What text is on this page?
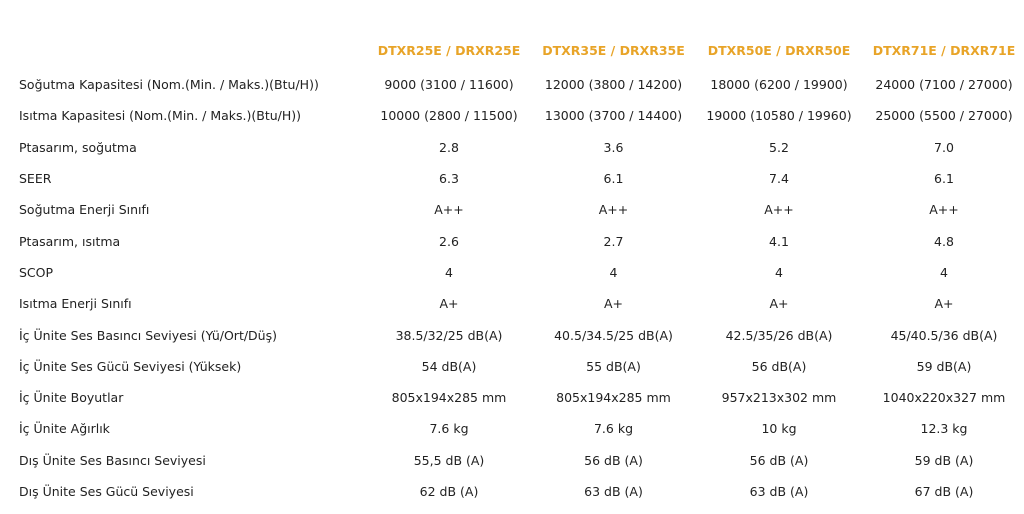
	DTXR25E / DRXR25E	DTXR35E / DRXR35E	DTXR50E / DRXR50E	DTXR71E / DRXR71E
Soğutma Kapasitesi (Nom.(Min. / Maks.)(Btu/H))	9000 (3100 / 11600)	12000 (3800 / 14200)	18000 (6200 / 19900)	24000 (7100 / 27000)
Isıtma Kapasitesi (Nom.(Min. / Maks.)(Btu/H))	10000 (2800 / 11500)	13000 (3700 / 14400)	19000 (10580 / 19960)	25000 (5500 / 27000)
Ptasarım, soğutma	2.8	3.6	5.2	7.0
SEER	6.3	6.1	7.4	6.1
Soğutma Enerji Sınıfı	A++	A++	A++	A++
Ptasarım, ısıtma	2.6	2.7	4.1	4.8
SCOP	4	4	4	4
Isıtma Enerji Sınıfı	A+	A+	A+	A+
İç Ünite Ses Basıncı Seviyesi (Yü/Ort/Düş)	38.5/32/25 dB(A)	40.5/34.5/25 dB(A)	42.5/35/26 dB(A)	45/40.5/36 dB(A)
İç Ünite Ses Gücü Seviyesi (Yüksek)	54 dB(A)	55 dB(A)	56 dB(A)	59 dB(A)
İç Ünite Boyutlar	805x194x285 mm	805x194x285 mm	957x213x302 mm	1040x220x327 mm
İç Ünite Ağırlık	7.6 kg	7.6 kg	10 kg	12.3 kg
Dış Ünite Ses Basıncı Seviyesi	55,5 dB (A)	56 dB (A)	56 dB (A)	59 dB (A)
Dış Ünite Ses Gücü Seviyesi	62 dB (A)	63 dB (A)	63 dB (A)	67 dB (A)
